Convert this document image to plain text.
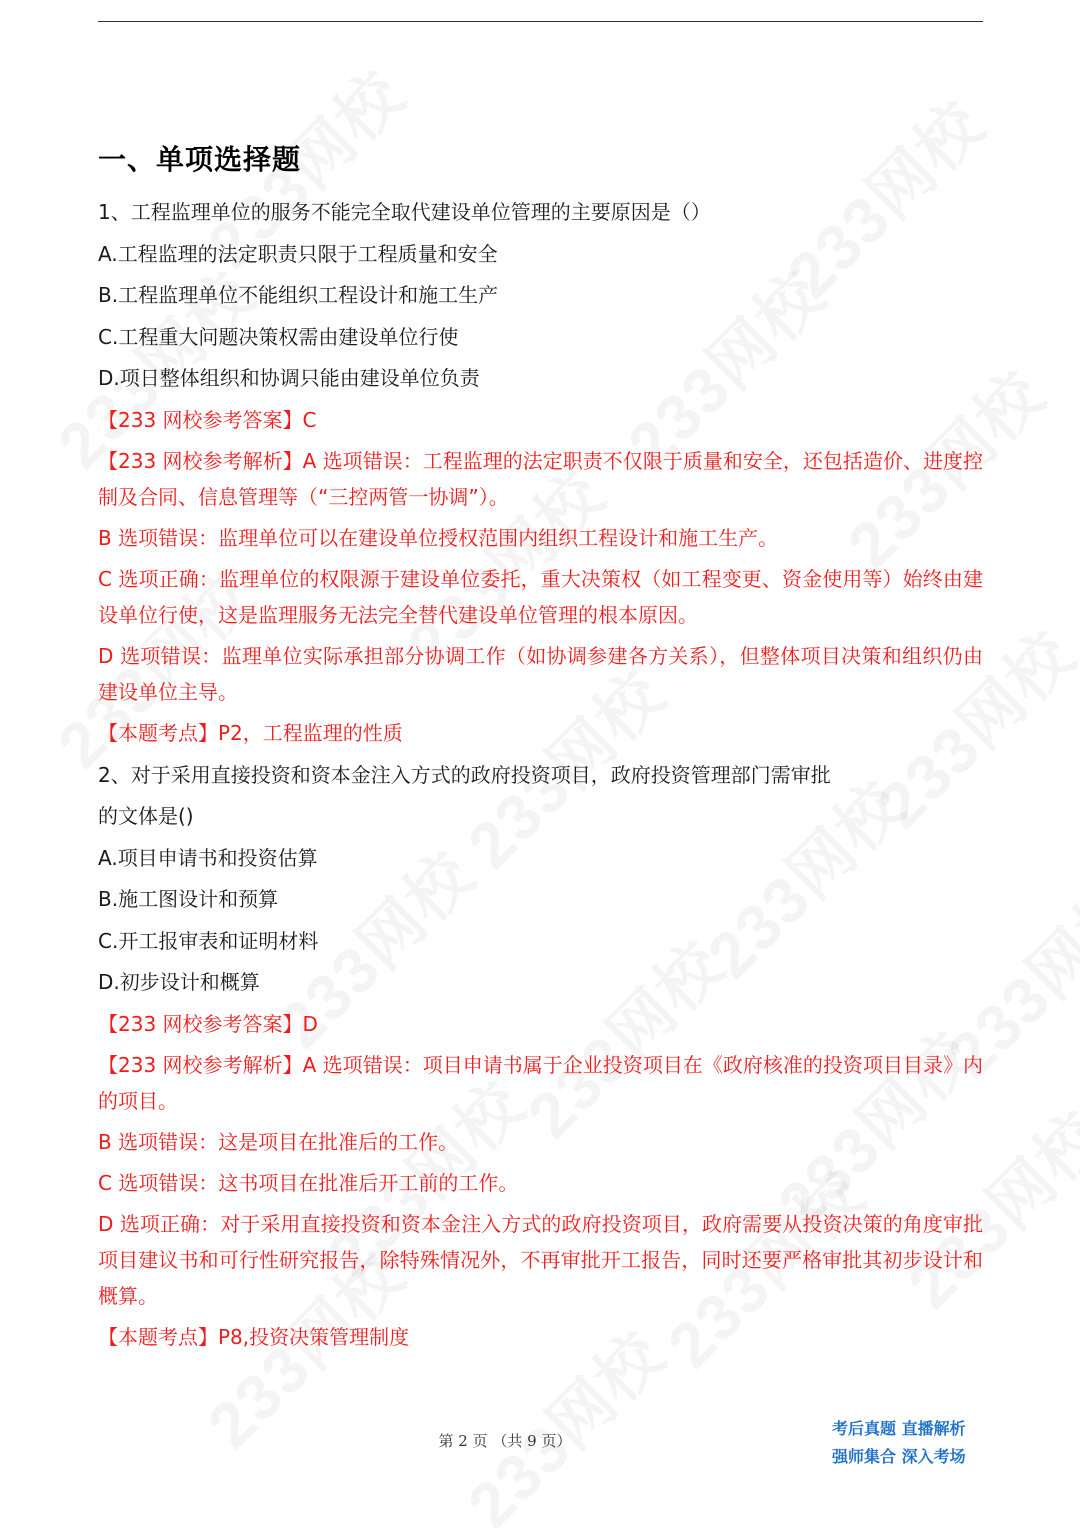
一、单项选择题
1、工程监理单位的服务不能完全取代建设单位管理的主要原因是（）
A.工程监理的法定职责只限于工程质量和安全
B.工程监理单位不能组织工程设计和施工生产
C.工程重大问题决策权需由建设单位行使
D.项日整体组织和协调只能由建设单位负责
【233 网校参考答案】C
【233 网校参考解析】A 选项错误：工程监理的法定职责不仅限于质量和安全，还包括造价、进度控制及合同、信息管理等（“三控两管一协调”）。
B 选项错误：监理单位可以在建设单位授权范围内组织工程设计和施工生产。
C 选项正确：监理单位的权限源于建设单位委托，重大决策权（如工程变更、资金使用等）始终由建设单位行使，这是监理服务无法完全替代建设单位管理的根本原因。
D 选项错误：监理单位实际承担部分协调工作（如协调参建各方关系），但整体项目决策和组织仍由建设单位主导。
【本题考点】P2，工程监理的性质
2、对于采用直接投资和资本金注入方式的政府投资项目，政府投资管理部门需审批
的文体是()
A.项目申请书和投资估算
B.施工图设计和预算
C.开工报审表和证明材料
D.初步设计和概算
【233 网校参考答案】D
【233 网校参考解析】A 选项错误：项目申请书属于企业投资项目在《政府核准的投资项目目录》内的项目。
B 选项错误：这是项目在批准后的工作。
C 选项错误：这书项目在批准后开工前的工作。
D 选项正确：对于采用直接投资和资本金注入方式的政府投资项目，政府需要从投资决策的角度审批项目建议书和可行性研究报告，除特殊情况外，不再审批开工报告，同时还要严格审批其初步设计和概算。
【本题考点】P8,投资决策管理制度
第 2 页 （共 9 页）
考后真题 直播解析
强师集合 深入考场
